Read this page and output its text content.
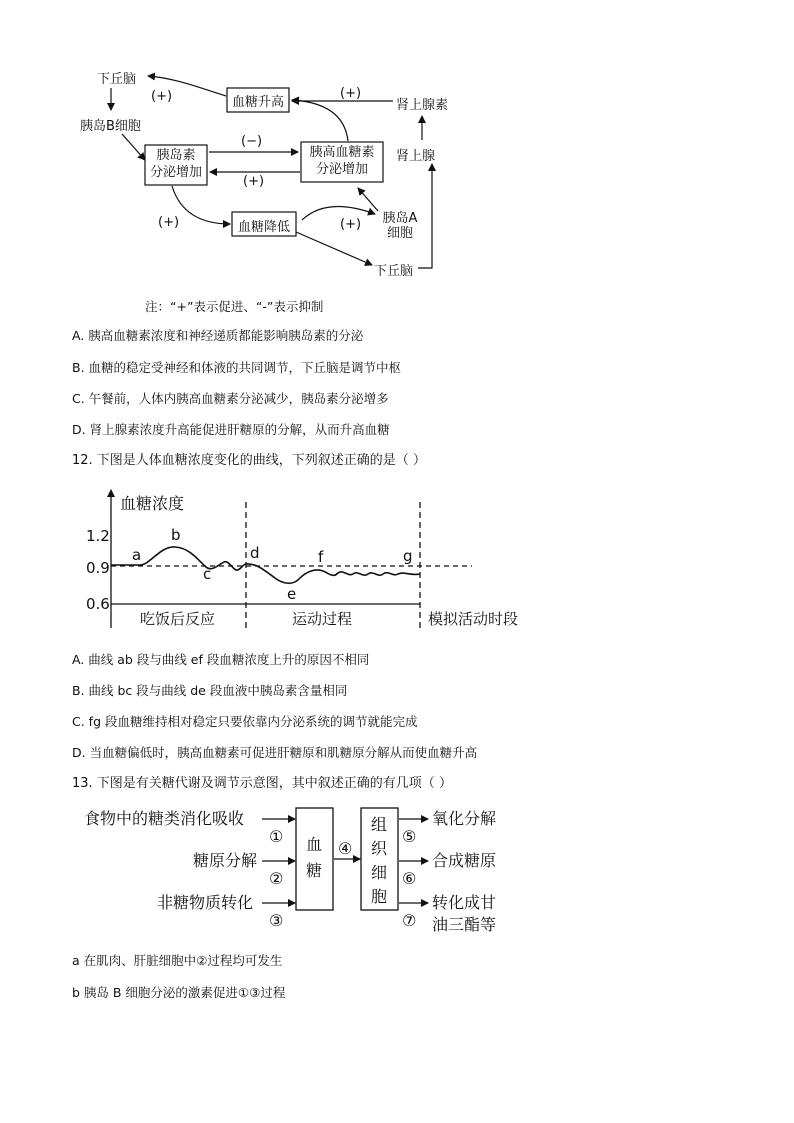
下丘脑
(+)
胰岛B细胞
血糖升高
(+)
肾上腺素
肾上腺
胰岛素
分泌增加
胰高血糖素
分泌增加
(−)
(+)
(+)	血糖降低	(+)	胰岛A
细胞
下丘脑
注：“+”表示促进、“-”表示抑制
A. 胰高血糖素浓度和神经递质都能影响胰岛素的分泌
B. 血糖的稳定受神经和体液的共同调节，下丘脑是调节中枢
C. 午餐前，人体内胰高血糖素分泌减少，胰岛素分泌增多
D. 肾上腺素浓度升高能促进肝糖原的分解，从而升高血糖
12. 下图是人体血糖浓度变化的曲线，下列叙述正确的是（ ）
血糖浓度
1.2
0.9
0.6
a
b
c
d
e
f	g
吃饭后反应	运动过程	模拟活动时段
A. 曲线 ab 段与曲线 ef 段血糖浓度上升的原因不相同
B. 曲线 bc 段与曲线 de 段血液中胰岛素含量相同
C. fg 段血糖维持相对稳定只要依靠内分泌系统的调节就能完成
D. 当血糖偏低时，胰高血糖素可促进肝糖原和肌糖原分解从而使血糖升高
13. 下图是有关糖代谢及调节示意图，其中叙述正确的有几项（ ）
食物中的糖类消化吸收
糖原分解
非糖物质转化
①
②
③
血
糖
④
组
织
细
胞
⑤
⑥
⑦
氧化分解
合成糖原
转化成甘
油三酯等
a 在肌肉、肝脏细胞中②过程均可发生
b 胰岛 B 细胞分泌的激素促进①③过程
